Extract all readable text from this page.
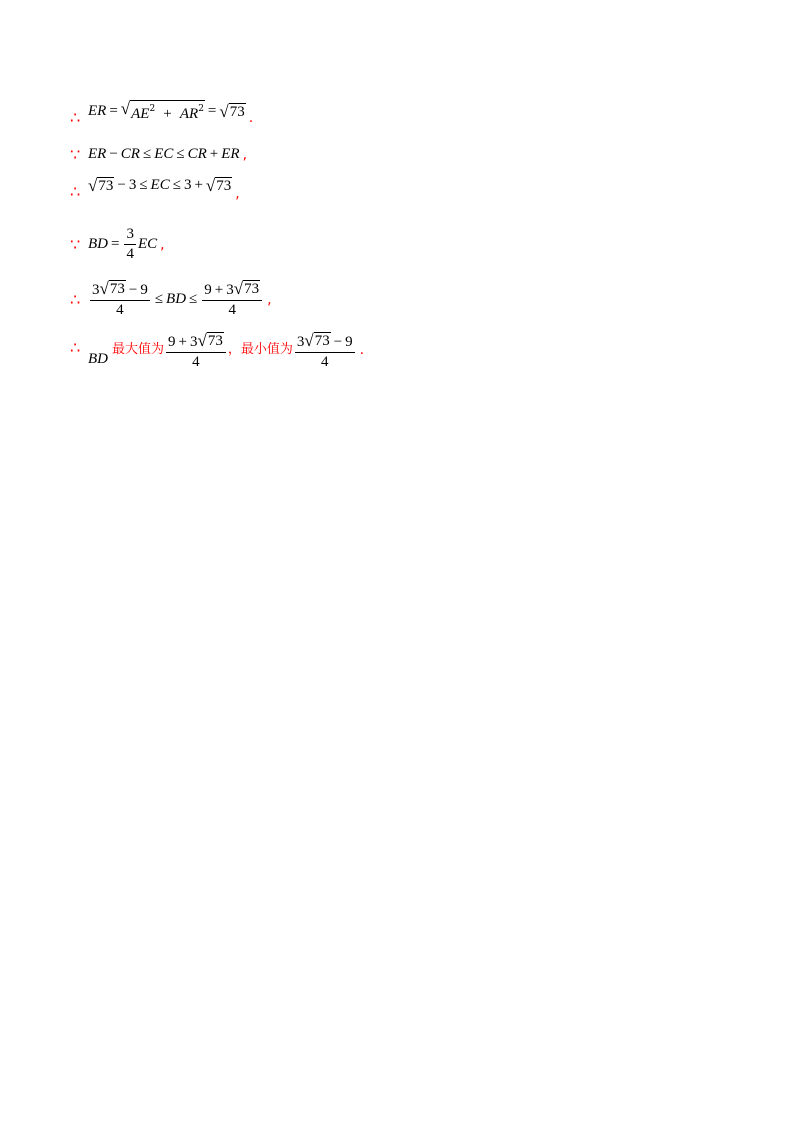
∴ ER = √ $AE^2 + AR^2$ = √ 73 .
∵ ER − CR ≤ EC ≤ CR + ER ,
∴ √ 73 − 3 ≤ EC ≤ 3 + √ 73 ,
∵ BD = $\frac{3}{4}$ EC ,
∴ $\frac{3 √ 73 - 9}{4}$ ≤ BD ≤ $\frac{9 + 3 √ 73}{4}$ ,
∴
BD
最大值为 $\frac{9 + 3 √ 73}{4}$ ，最小值为 $\frac{3 √ 73 - 9}{4}$ .
